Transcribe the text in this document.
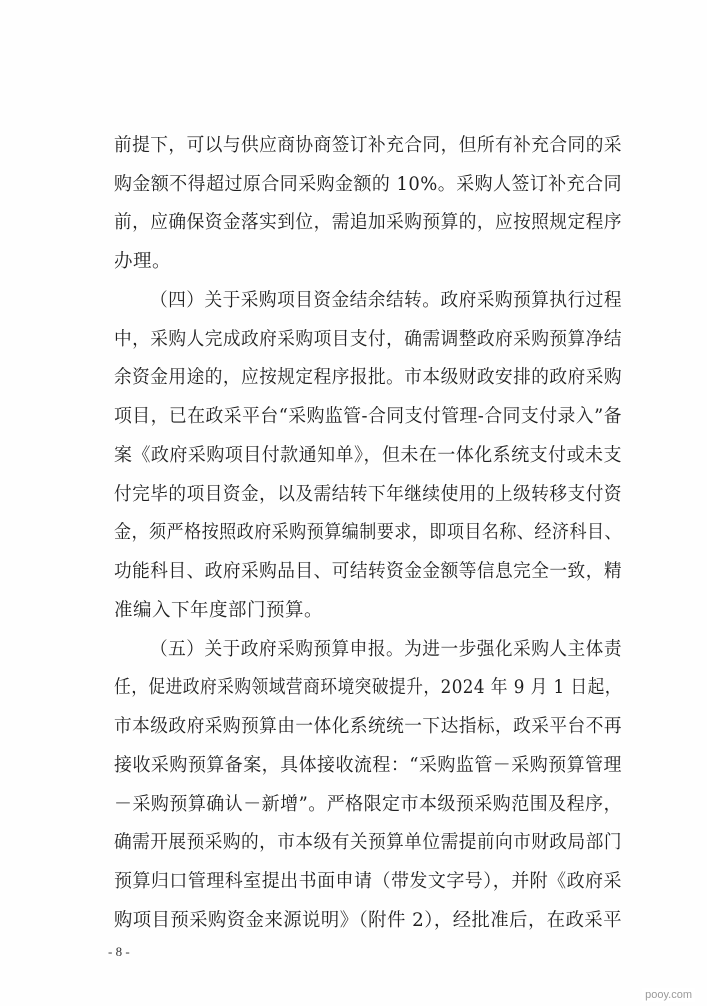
前提下，可以与供应商协商签订补充合同，但所有补充合同的采
购金额不得超过原合同采购金额的 10%。采购人签订补充合同
前，应确保资金落实到位，需追加采购预算的，应按照规定程序
办理。
（四）关于采购项目资金结余结转。政府采购预算执行过程
中，采购人完成政府采购项目支付，确需调整政府采购预算净结
余资金用途的，应按规定程序报批。市本级财政安排的政府采购
项目，已在政采平台“采购监管-合同支付管理-合同支付录入”备
案《政府采购项目付款通知单》，但未在一体化系统支付或未支
付完毕的项目资金，以及需结转下年继续使用的上级转移支付资
金，须严格按照政府采购预算编制要求，即项目名称、经济科目、
功能科目、政府采购品目、可结转资金金额等信息完全一致，精
准编入下年度部门预算。
（五）关于政府采购预算申报。为进一步强化采购人主体责
任，促进政府采购领域营商环境突破提升，2024 年 9 月 1 日起，
市本级政府采购预算由一体化系统统一下达指标，政采平台不再
接收采购预算备案，具体接收流程：“采购监管－采购预算管理
－采购预算确认－新增”。严格限定市本级预采购范围及程序，
确需开展预采购的，市本级有关预算单位需提前向市财政局部门
预算归口管理科室提出书面申请（带发文字号），并附《政府采
购项目预采购资金来源说明》（附件 2），经批准后，在政采平
- 8 -
pooy.com
